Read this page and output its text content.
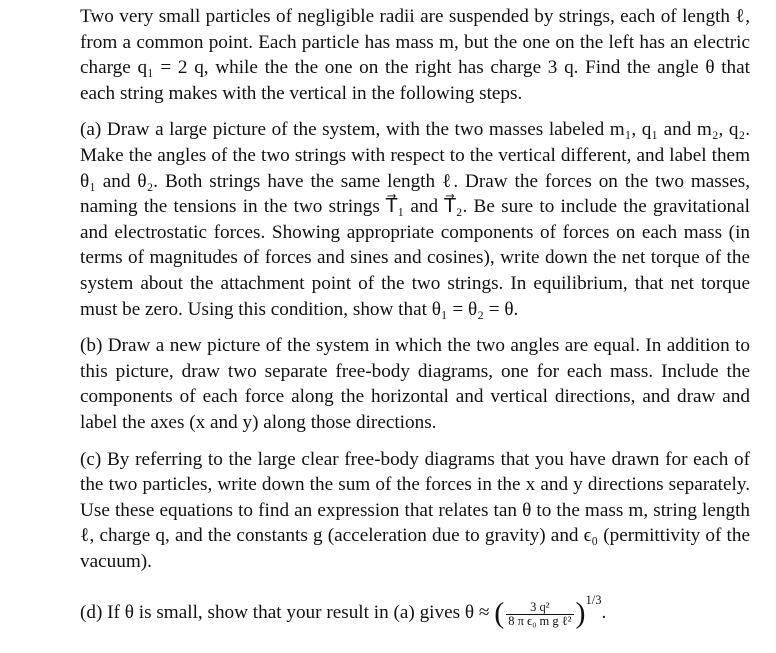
Two very small particles of negligible radii are suspended by strings, each of length ℓ, from a common point. Each particle has mass m, but the one on the left has an electric charge q₁ = 2 q, while the the one on the right has charge 3 q. Find the angle θ that each string makes with the vertical in the following steps.

(a) Draw a large picture of the system, with the two masses labeled m₁, q₁ and m₂, q₂. Make the angles of the two strings with respect to the vertical different, and label them θ₁ and θ₂. Both strings have the same length ℓ. Draw the forces on the two masses, naming the tensions in the two strings T⃗₁ and T⃗₂. Be sure to include the gravitational and electrostatic forces. Showing appropriate components of forces on each mass (in terms of magnitudes of forces and sines and cosines), write down the net torque of the system about the attachment point of the two strings. In equilibrium, that net torque must be zero. Using this condition, show that θ₁ = θ₂ = θ.

(b) Draw a new picture of the system in which the two angles are equal. In addition to this picture, draw two separate free-body diagrams, one for each mass. Include the components of each force along the horizontal and vertical directions, and draw and label the axes (x and y) along those directions.

(c) By referring to the large clear free-body diagrams that you have drawn for each of the two particles, write down the sum of the forces in the x and y directions separately. Use these equations to find an expression that relates tan θ to the mass m, string length ℓ, charge q, and the constants g (acceleration due to gravity) and ϵ₀ (permittivity of the vacuum).

(d) If θ is small, show that your result in (a) gives θ ≈ ( $\frac{\text{3 q²}}{\text{8 π ϵ₀ m g ℓ²}} )^{1/3}$.
